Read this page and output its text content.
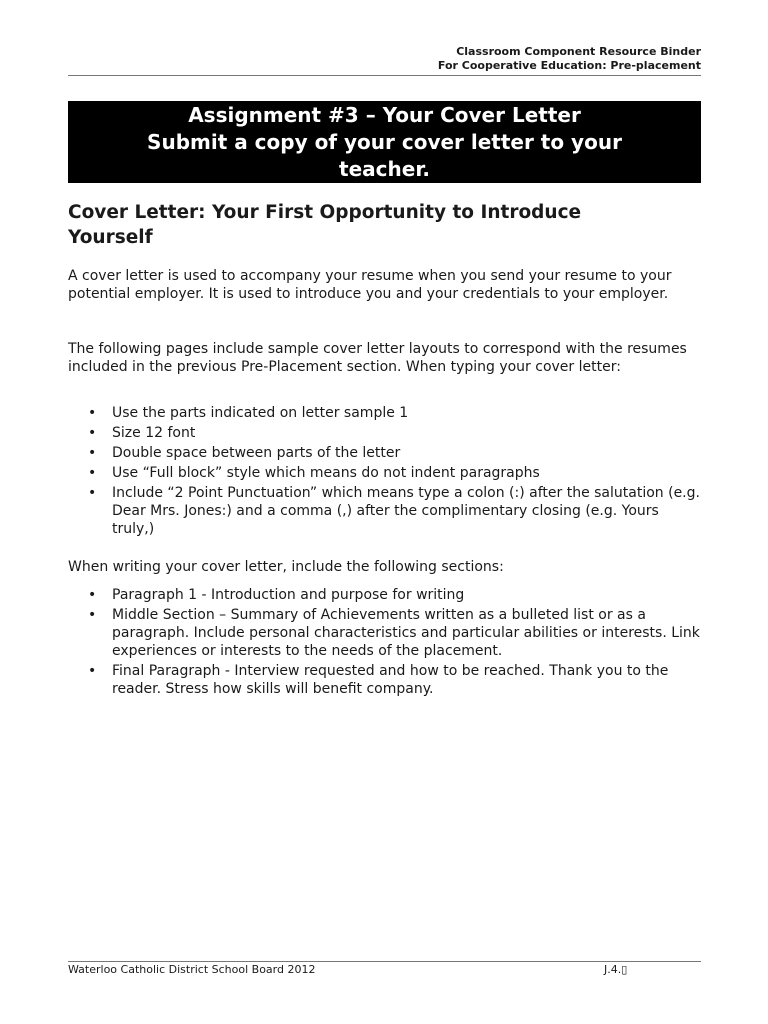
Classroom Component Resource Binder
For Cooperative Education: Pre-placement
Assignment #3 – Your Cover Letter
Submit a copy of your cover letter to your
teacher.
Cover Letter: Your First Opportunity to Introduce Yourself

A cover letter is used to accompany your resume when you send your resume to your potential employer. It is used to introduce you and your credentials to your employer.

The following pages include sample cover letter layouts to correspond with the resumes included in the previous Pre-Placement section. When typing your cover letter:

• Use the parts indicated on letter sample 1
• Size 12 font
• Double space between parts of the letter
• Use “Full block” style which means do not indent paragraphs
• Include “2 Point Punctuation” which means type a colon (:) after the salutation (e.g. Dear Mrs. Jones:) and a comma (,) after the complimentary closing (e.g. Yours truly,)

When writing your cover letter, include the following sections:

• Paragraph 1 - Introduction and purpose for writing
• Middle Section – Summary of Achievements written as a bulleted list or as a paragraph. Include personal characteristics and particular abilities or interests. Link experiences or interests to the needs of the placement.
• Final Paragraph - Interview requested and how to be reached. Thank you to the reader. Stress how skills will benefit company.
Waterloo Catholic District School Board 2012	J.4.▯
